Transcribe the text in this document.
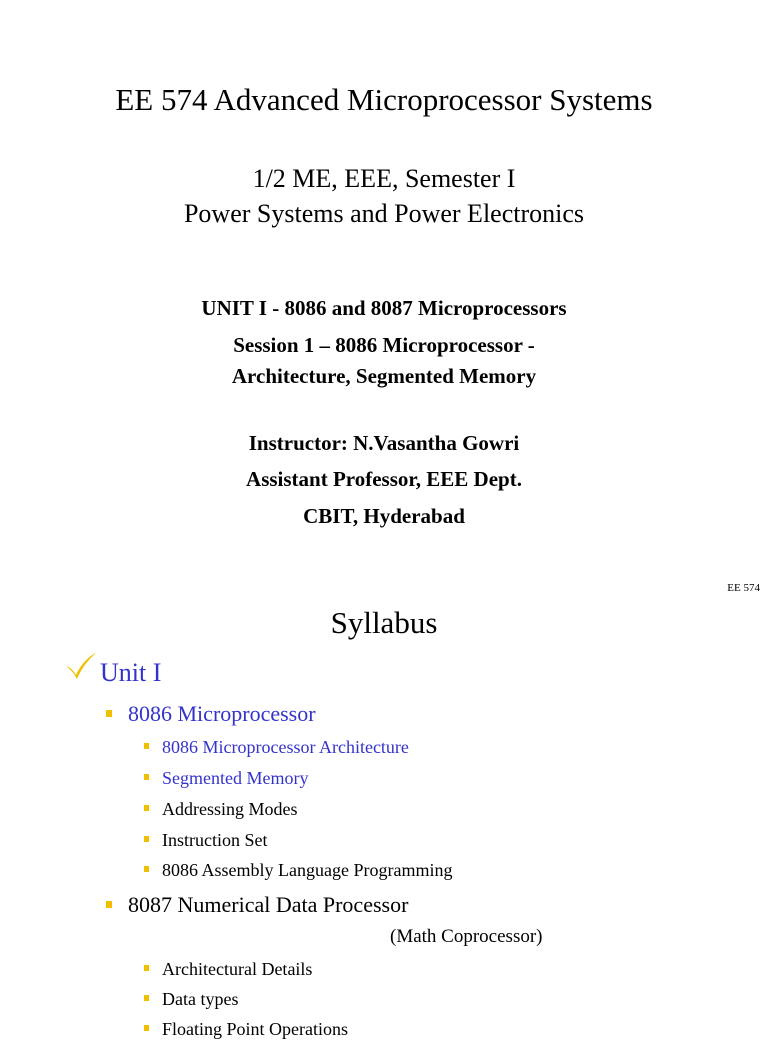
EE 574 Advanced Microprocessor Systems
1/2 ME, EEE, Semester I
Power Systems and Power Electronics
UNIT I - 8086 and 8087 Microprocessors
Session 1 – 8086 Microprocessor -
Architecture, Segmented Memory
Instructor: N.Vasantha Gowri
Assistant Professor, EEE Dept.
CBIT, Hyderabad
EE 574
Syllabus
Unit I
8086 Microprocessor
8086 Microprocessor Architecture
Segmented Memory
Addressing Modes
Instruction Set
8086 Assembly Language Programming
8087 Numerical Data Processor
(Math Coprocessor)
Architectural Details
Data types
Floating Point Operations
